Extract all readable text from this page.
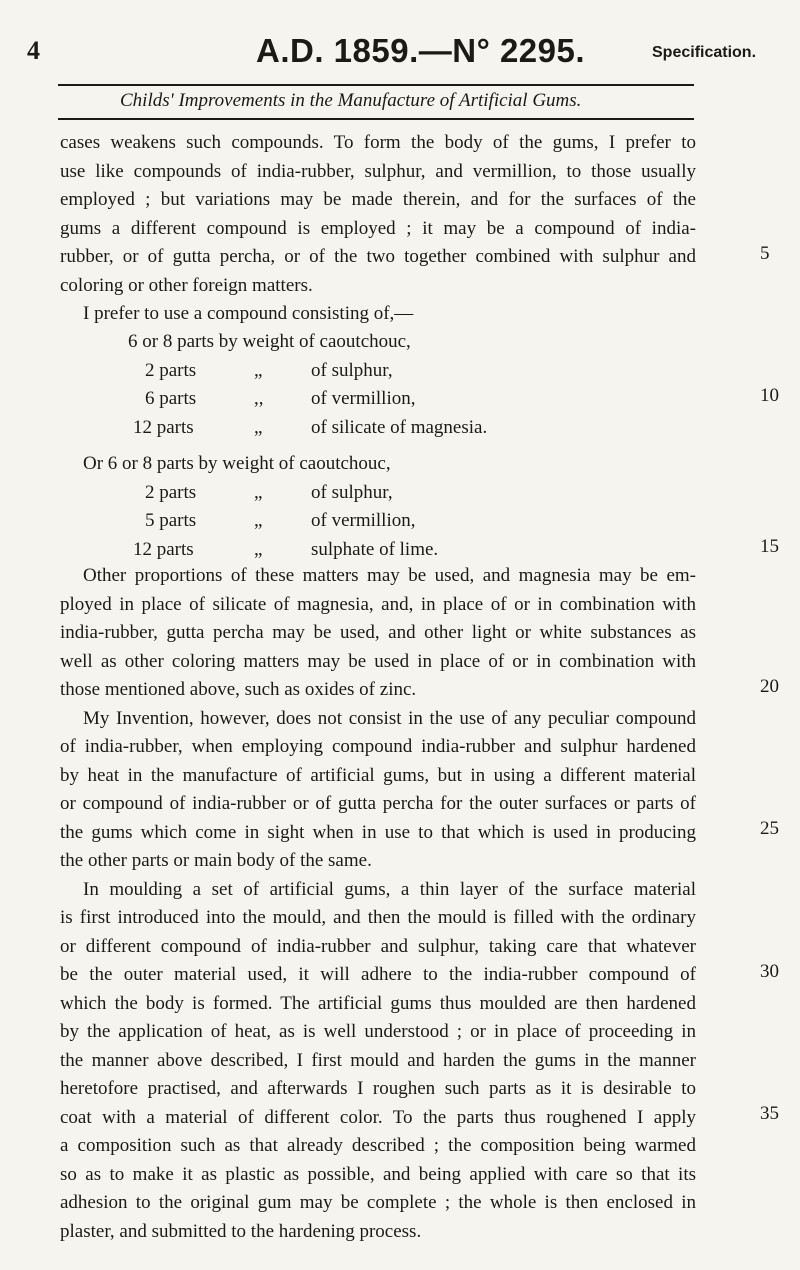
4	A.D. 1859.—N° 2295.	Specification.
Childs' Improvements in the Manufacture of Artificial Gums.
cases weakens such compounds. To form the body of the gums, I prefer to
use like compounds of india-rubber, sulphur, and vermillion, to those usually
employed ; but variations may be made therein, and for the surfaces of the
gums a different compound is employed ; it may be a compound of india-
rubber, or of gutta percha, or of the two together combined with sulphur and
coloring or other foreign matters.
I prefer to use a compound consisting of,—
6 or 8 parts by weight of caoutchouc,
2 parts	„	of sulphur,
6 parts	,,	of vermillion,
12 parts	„	of silicate of magnesia.
Or 6 or 8 parts by weight of caoutchouc,
2 parts	„	of sulphur,
5 parts	„	of vermillion,
12 parts	„	sulphate of lime.
Other proportions of these matters may be used, and magnesia may be em-
ployed in place of silicate of magnesia, and, in place of or in combination with
india-rubber, gutta percha may be used, and other light or white substances as
well as other coloring matters may be used in place of or in combination with
those mentioned above, such as oxides of zinc.
My Invention, however, does not consist in the use of any peculiar compound
of india-rubber, when employing compound india-rubber and sulphur hardened
by heat in the manufacture of artificial gums, but in using a different material
or compound of india-rubber or of gutta percha for the outer surfaces or parts of
the gums which come in sight when in use to that which is used in producing
the other parts or main body of the same.
In moulding a set of artificial gums, a thin layer of the surface material
is first introduced into the mould, and then the mould is filled with the ordinary
or different compound of india-rubber and sulphur, taking care that whatever
be the outer material used, it will adhere to the india-rubber compound of
which the body is formed. The artificial gums thus moulded are then hardened
by the application of heat, as is well understood ; or in place of proceeding in
the manner above described, I first mould and harden the gums in the manner
heretofore practised, and afterwards I roughen such parts as it is desirable to
coat with a material of different color. To the parts thus roughened I apply
a composition such as that already described ; the composition being warmed
so as to make it as plastic as possible, and being applied with care so that its
adhesion to the original gum may be complete ; the whole is then enclosed in
plaster, and submitted to the hardening process.
5
10
15
20
25
30
35
